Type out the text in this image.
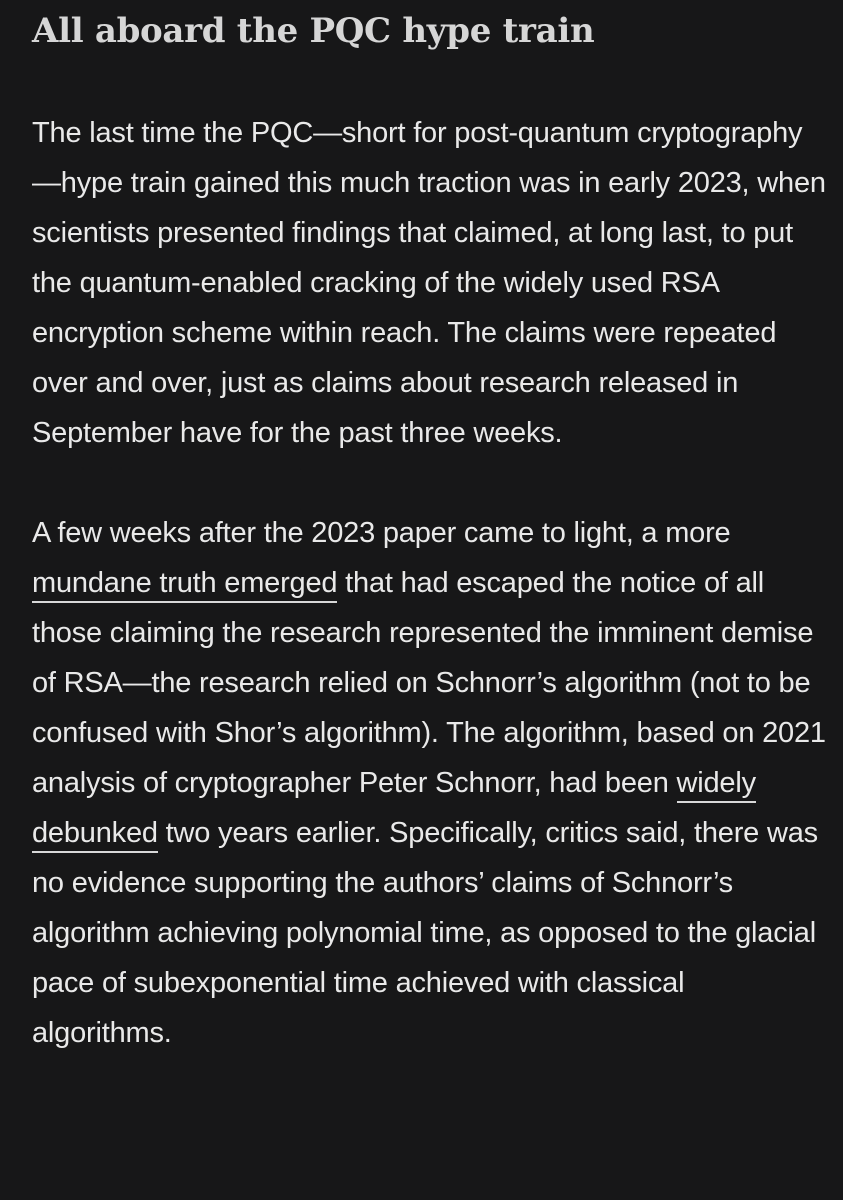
All aboard the PQC hype train

The last time the PQC—short for post-quantum cryptography—hype train gained this much traction was in early 2023, when scientists presented findings that claimed, at long last, to put the quantum-enabled cracking of the widely used RSA encryption scheme within reach. The claims were repeated over and over, just as claims about research released in September have for the past three weeks.

A few weeks after the 2023 paper came to light, a more mundane truth emerged that had escaped the notice of all those claiming the research represented the imminent demise of RSA—the research relied on Schnorr’s algorithm (not to be confused with Shor’s algorithm). The algorithm, based on 2021 analysis of cryptographer Peter Schnorr, had been widely debunked two years earlier. Specifically, critics said, there was no evidence supporting the authors’ claims of Schnorr’s algorithm achieving polynomial time, as opposed to the glacial pace of subexponential time achieved with classical algorithms.
